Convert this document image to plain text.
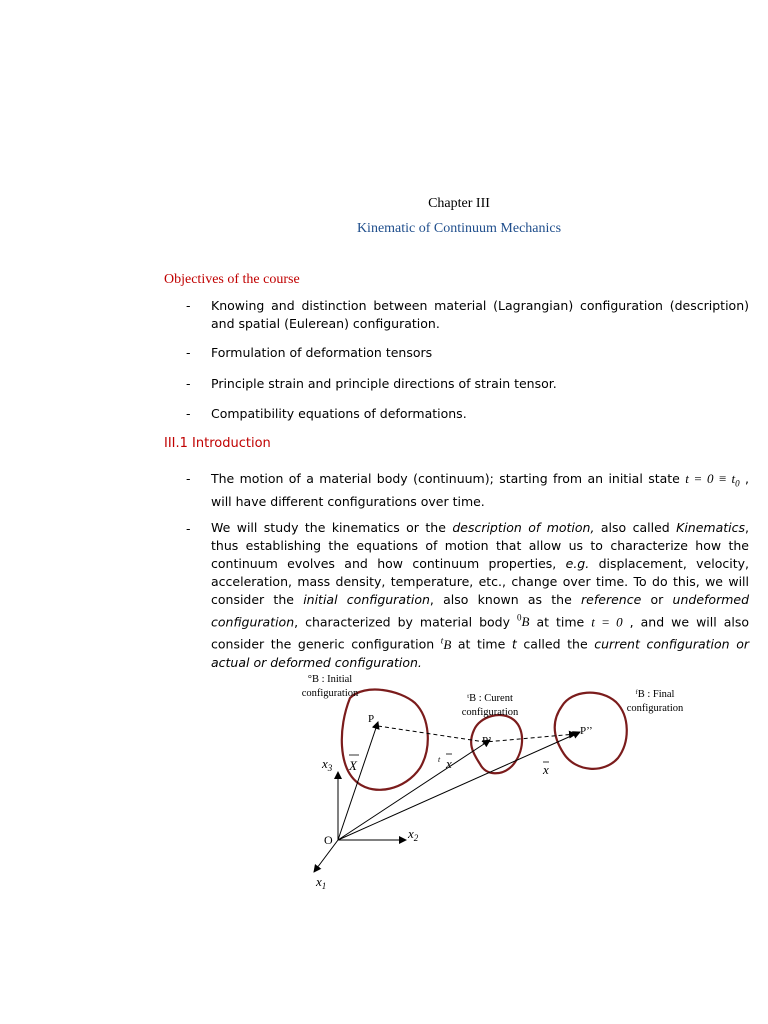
Chapter III
Kinematic of Continuum Mechanics
Objectives of the course
- Knowing and distinction between material (Lagrangian) configuration (description) and spatial (Eulerean) configuration.
- Formulation of deformation tensors
- Principle strain and principle directions of strain tensor.
- Compatibility equations of deformations.
III.1 Introduction
- The motion of a material body (continuum); starting from an initial state $t = 0 \equiv t_0$ , will have different configurations over time.
- We will study the kinematics or the description of motion, also called Kinematics, thus establishing the equations of motion that allow us to characterize how the continuum evolves and how continuum properties, e.g. displacement, velocity, acceleration, mass density, temperature, etc., change over time. To do this, we will consider the initial configuration, also known as the reference or undeformed configuration, characterized by material body $^0$B at time t = 0 , and we will also consider the generic configuration $^t$B at time t called the current configuration or actual or deformed configuration.
P
P’
P’’
O
$x_3$
$x_2$
$x_1$
X	t x	x
°B : Initial
configuration	ᵗB : Curent
configuration
ᶠB : Final
configuration
